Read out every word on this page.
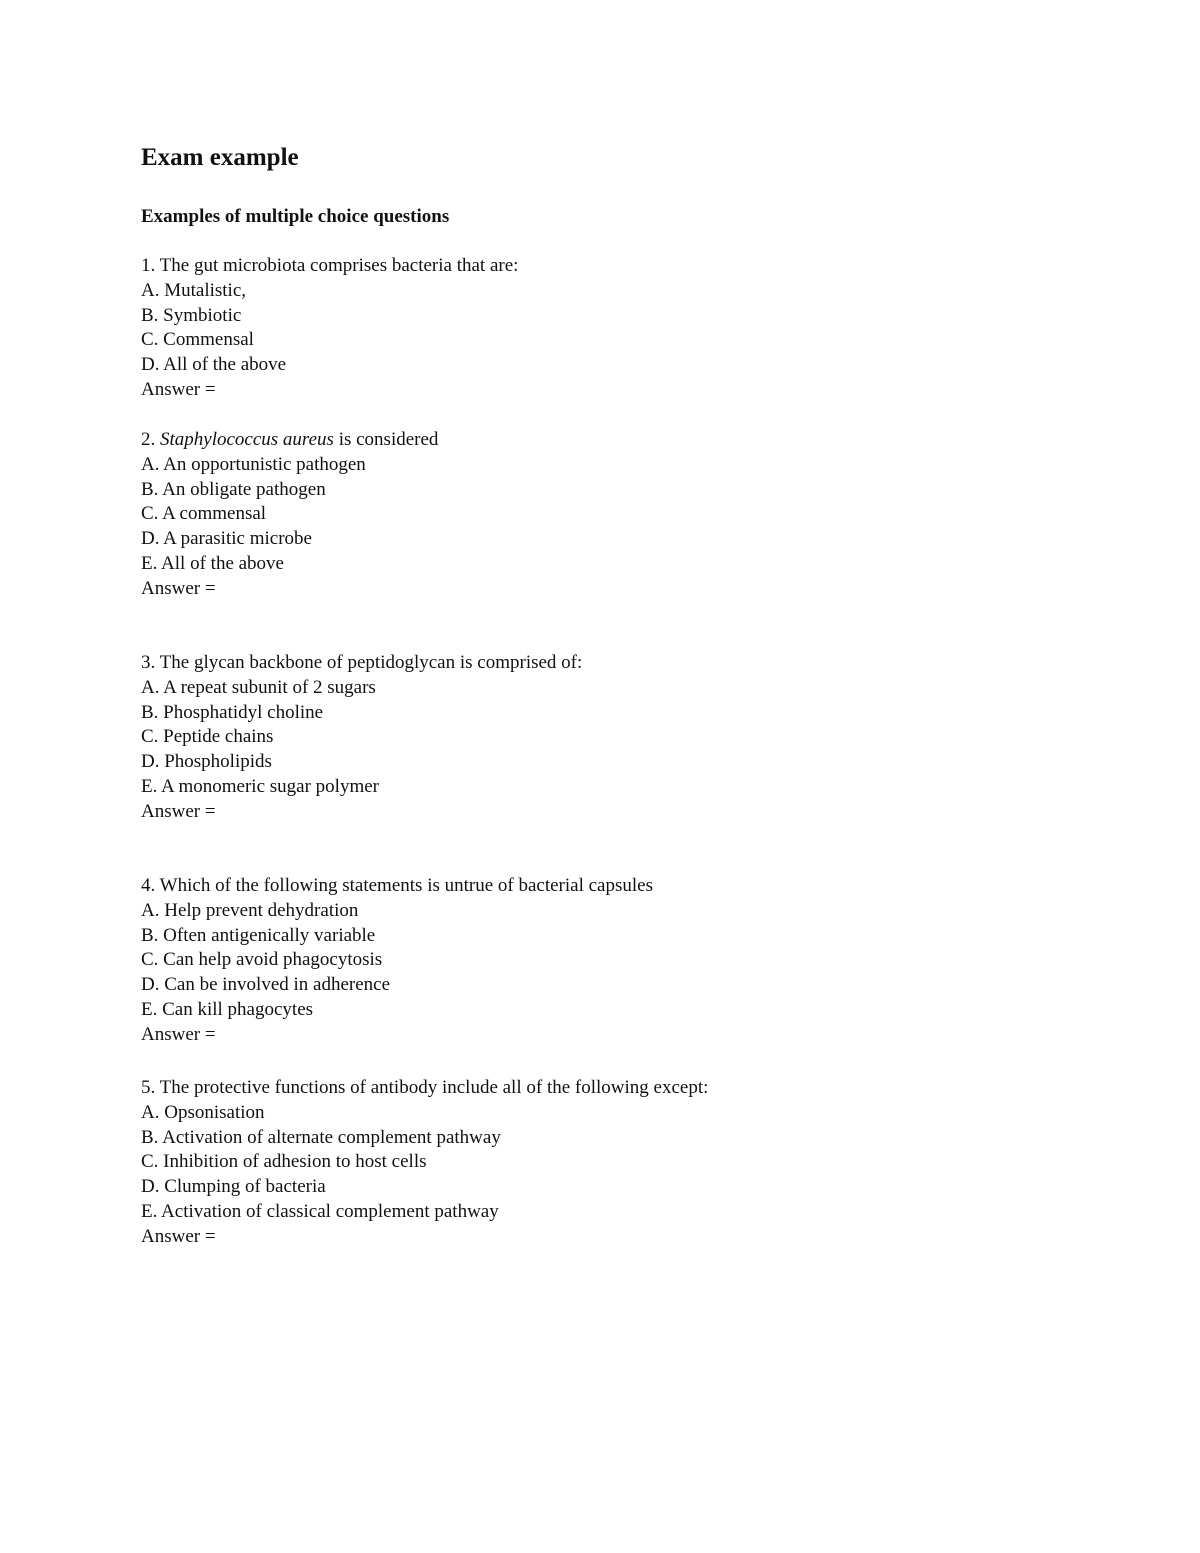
Exam example
Examples of multiple choice questions
1. The gut microbiota comprises bacteria that are:
A. Mutalistic,
B. Symbiotic
C. Commensal
D. All of the above
Answer =
2. Staphylococcus aureus is considered
A. An opportunistic pathogen
B. An obligate pathogen
C. A commensal
D. A parasitic microbe
E. All of the above
Answer =
3. The glycan backbone of peptidoglycan is comprised of:
A. A repeat subunit of 2 sugars
B. Phosphatidyl choline
C. Peptide chains
D. Phospholipids
E. A monomeric sugar polymer
Answer =
4. Which of the following statements is untrue of bacterial capsules
A. Help prevent dehydration
B. Often antigenically variable
C. Can help avoid phagocytosis
D. Can be involved in adherence
E. Can kill phagocytes
Answer =
5. The protective functions of antibody include all of the following except:
A. Opsonisation
B. Activation of alternate complement pathway
C. Inhibition of adhesion to host cells
D. Clumping of bacteria
E. Activation of classical complement pathway
Answer =
